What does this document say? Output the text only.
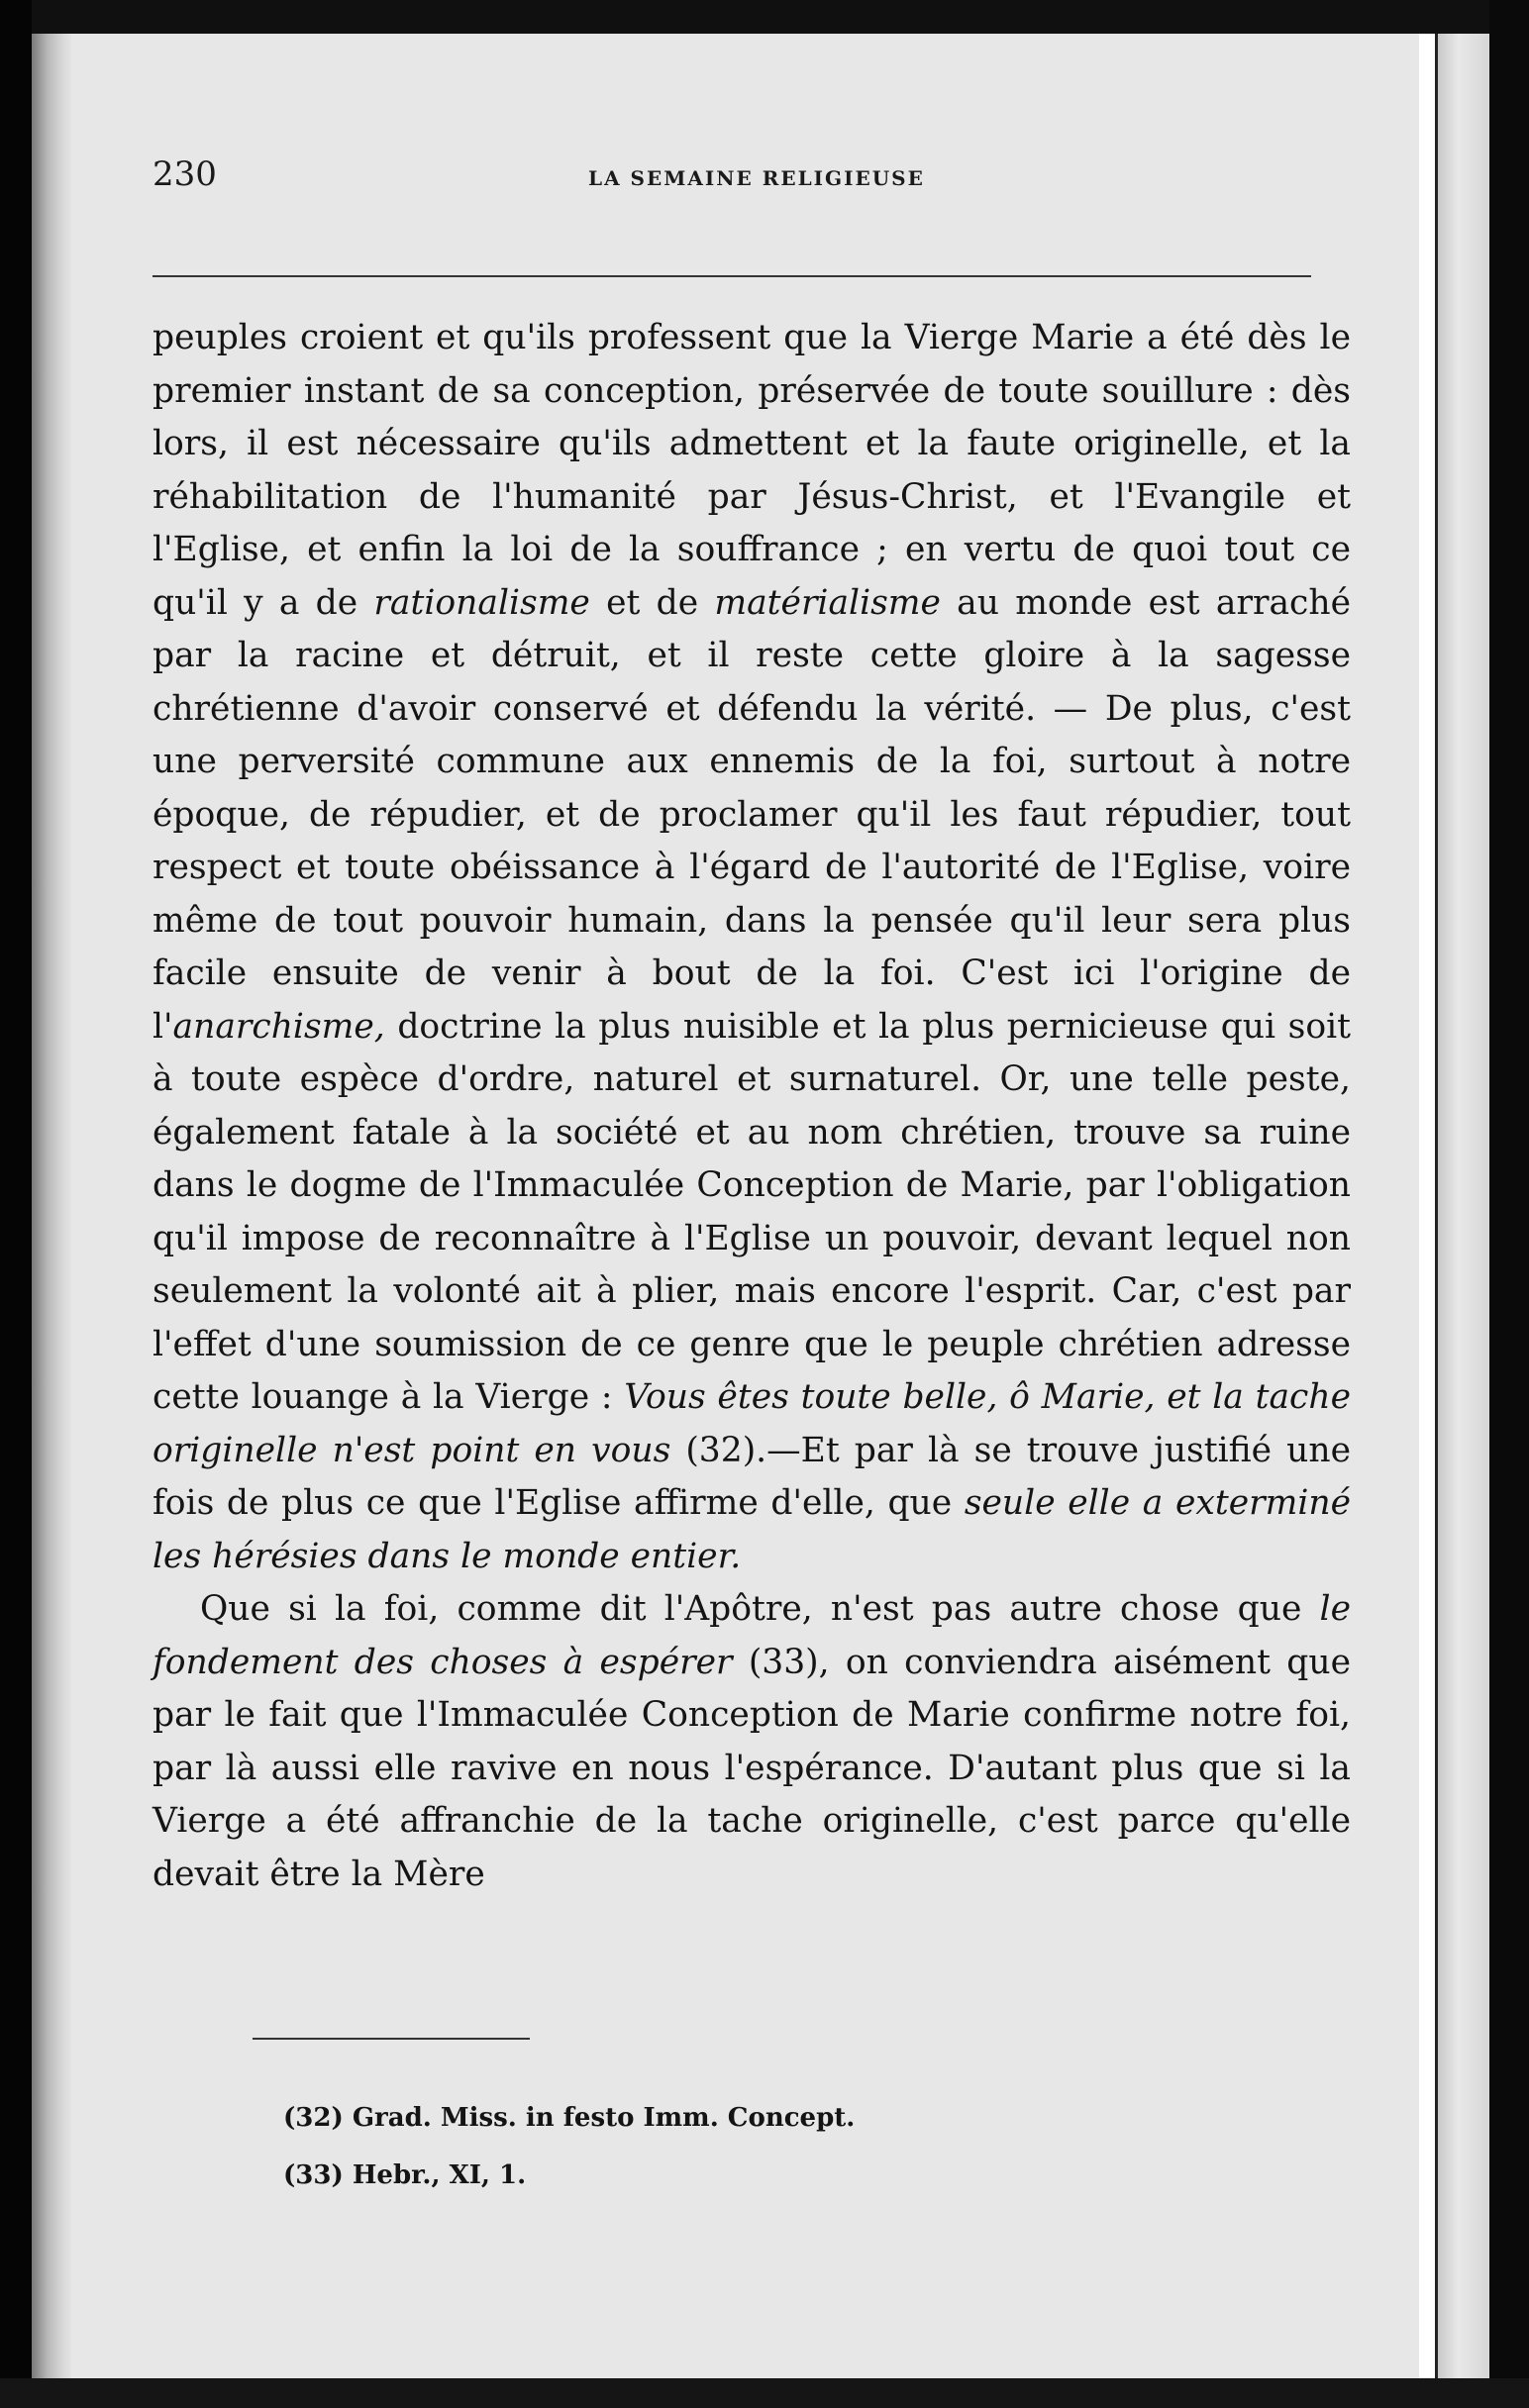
230	LA SEMAINE RELIGIEUSE

peuples croient et qu'ils professent que la Vierge Marie a été dès le premier instant de sa conception, préservée de toute souillure : dès lors, il est nécessaire qu'ils admettent et la faute originelle, et la réhabilitation de l'humanité par Jésus-Christ, et l'Evangile et l'Eglise, et enfin la loi de la souffrance ; en vertu de quoi tout ce qu'il y a de rationalisme et de matérialisme au monde est arraché par la racine et détruit, et il reste cette gloire à la sagesse chrétienne d'avoir conservé et défendu la vérité. — De plus, c'est une perversité commune aux ennemis de la foi, surtout à notre époque, de répudier, et de proclamer qu'il les faut répudier, tout respect et toute obéissance à l'égard de l'autorité de l'Eglise, voire même de tout pouvoir humain, dans la pensée qu'il leur sera plus facile ensuite de venir à bout de la foi. C'est ici l'origine de l'anarchisme, doctrine la plus nuisible et la plus pernicieuse qui soit à toute espèce d'ordre, naturel et surnaturel. Or, une telle peste, également fatale à la société et au nom chrétien, trouve sa ruine dans le dogme de l'Immaculée Conception de Marie, par l'obligation qu'il impose de reconnaître à l'Eglise un pouvoir, devant lequel non seulement la volonté ait à plier, mais encore l'esprit. Car, c'est par l'effet d'une soumission de ce genre que le peuple chrétien adresse cette louange à la Vierge : Vous êtes toute belle, ô Marie, et la tache originelle n'est point en vous (32).—Et par là se trouve justifié une fois de plus ce que l'Eglise affirme d'elle, que seule elle a exterminé les hérésies dans le monde entier.

Que si la foi, comme dit l'Apôtre, n'est pas autre chose que le fondement des choses à espérer (33), on conviendra aisément que par le fait que l'Immaculée Conception de Marie confirme notre foi, par là aussi elle ravive en nous l'espérance. D'autant plus que si la Vierge a été affranchie de la tache originelle, c'est parce qu'elle devait être la Mère

(32) Grad. Miss. in festo Imm. Concept.
(33) Hebr., XI, 1.
